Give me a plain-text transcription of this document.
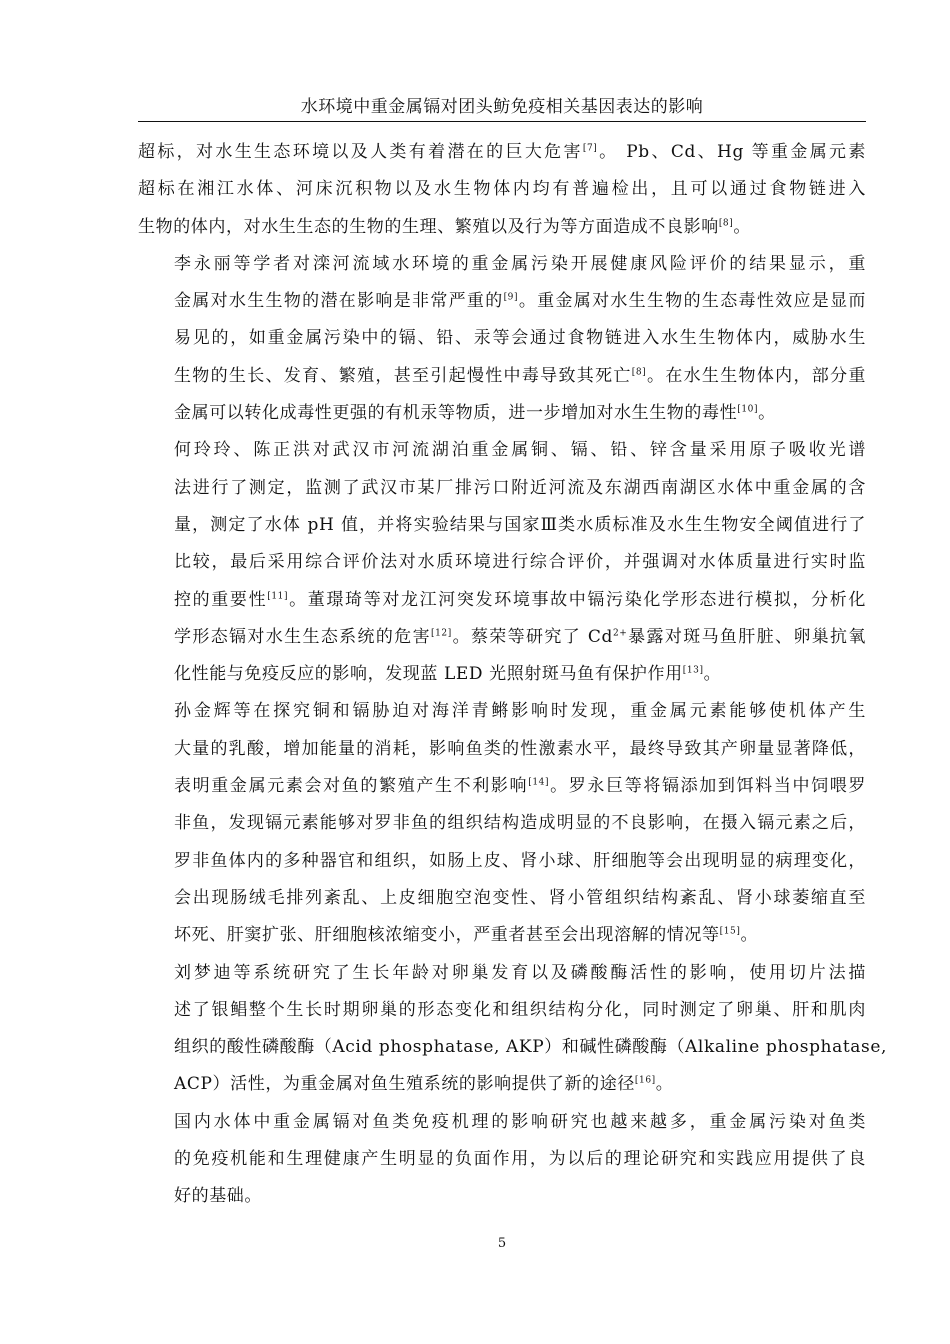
水环境中重金属镉对团头鲂免疫相关基因表达的影响
超标，对水生生态环境以及人类有着潜在的巨大危害[7]。 Pb、Cd、Hg 等重金属元素
超标在湘江水体、河床沉积物以及水生物体内均有普遍检出，且可以通过食物链进入
生物的体内，对水生生态的生物的生理、繁殖以及行为等方面造成不良影响[8]。
李永丽等学者对滦河流域水环境的重金属污染开展健康风险评价的结果显示，重
金属对水生生物的潜在影响是非常严重的[9]。重金属对水生生物的生态毒性效应是显而
易见的，如重金属污染中的镉、铅、汞等会通过食物链进入水生生物体内，威胁水生
生物的生长、发育、繁殖，甚至引起慢性中毒导致其死亡[8]。在水生生物体内，部分重
金属可以转化成毒性更强的有机汞等物质，进一步增加对水生生物的毒性[10]。
何玲玲、陈正洪对武汉市河流湖泊重金属铜、镉、铅、锌含量采用原子吸收光谱
法进行了测定，监测了武汉市某厂排污口附近河流及东湖西南湖区水体中重金属的含
量，测定了水体 pH 值，并将实验结果与国家Ⅲ类水质标准及水生生物安全阈值进行了
比较，最后采用综合评价法对水质环境进行综合评价，并强调对水体质量进行实时监
控的重要性[11]。董璟琦等对龙江河突发环境事故中镉污染化学形态进行模拟，分析化
学形态镉对水生生态系统的危害[12]。蔡荣等研究了 Cd$^{2+}$暴露对斑马鱼肝脏、卵巢抗氧
化性能与免疫反应的影响，发现蓝 LED 光照射斑马鱼有保护作用[13]。
孙金辉等在探究铜和镉胁迫对海洋青鳉影响时发现，重金属元素能够使机体产生
大量的乳酸，增加能量的消耗，影响鱼类的性激素水平，最终导致其产卵量显著降低，
表明重金属元素会对鱼的繁殖产生不利影响[14]。罗永巨等将镉添加到饵料当中饲喂罗
非鱼，发现镉元素能够对罗非鱼的组织结构造成明显的不良影响，在摄入镉元素之后，
罗非鱼体内的多种器官和组织，如肠上皮、肾小球、肝细胞等会出现明显的病理变化，
会出现肠绒毛排列紊乱、上皮细胞空泡变性、肾小管组织结构紊乱、肾小球萎缩直至
坏死、肝窦扩张、肝细胞核浓缩变小，严重者甚至会出现溶解的情况等[15]。
刘梦迪等系统研究了生长年龄对卵巢发育以及磷酸酶活性的影响，使用切片法描
述了银鲳整个生长时期卵巢的形态变化和组织结构分化，同时测定了卵巢、肝和肌肉
组织的酸性磷酸酶（Acid phosphatase, AKP）和碱性磷酸酶（Alkaline phosphatase,
ACP）活性，为重金属对鱼生殖系统的影响提供了新的途径[16]。
国内水体中重金属镉对鱼类免疫机理的影响研究也越来越多，重金属污染对鱼类
的免疫机能和生理健康产生明显的负面作用，为以后的理论研究和实践应用提供了良
好的基础。
5
